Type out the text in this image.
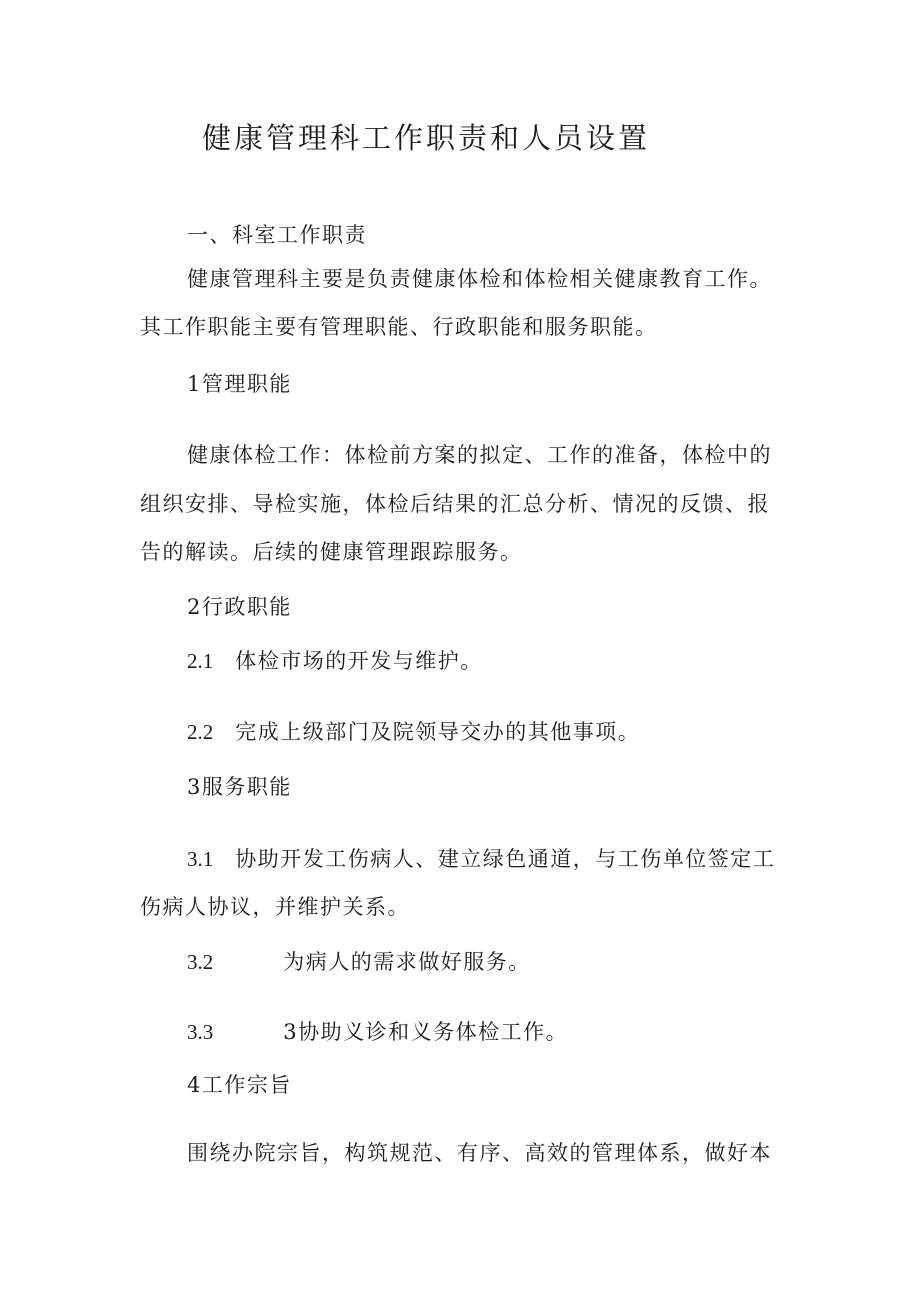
健康管理科工作职责和人员设置
一、科室工作职责
健康管理科主要是负责健康体检和体检相关健康教育工作。
其工作职能主要有管理职能、行政职能和服务职能。
1管理职能
健康体检工作：体检前方案的拟定、工作的准备，体检中的
组织安排、导检实施，体检后结果的汇总分析、情况的反馈、报
告的解读。后续的健康管理跟踪服务。
2行政职能
2.1 体检市场的开发与维护。
2.2 完成上级部门及院领导交办的其他事项。
3服务职能
3.1 协助开发工伤病人、建立绿色通道，与工伤单位签定工
伤病人协议，并维护关系。
3.2	为病人的需求做好服务。
3.3	3协助义诊和义务体检工作。
4工作宗旨
围绕办院宗旨，构筑规范、有序、高效的管理体系，做好本
